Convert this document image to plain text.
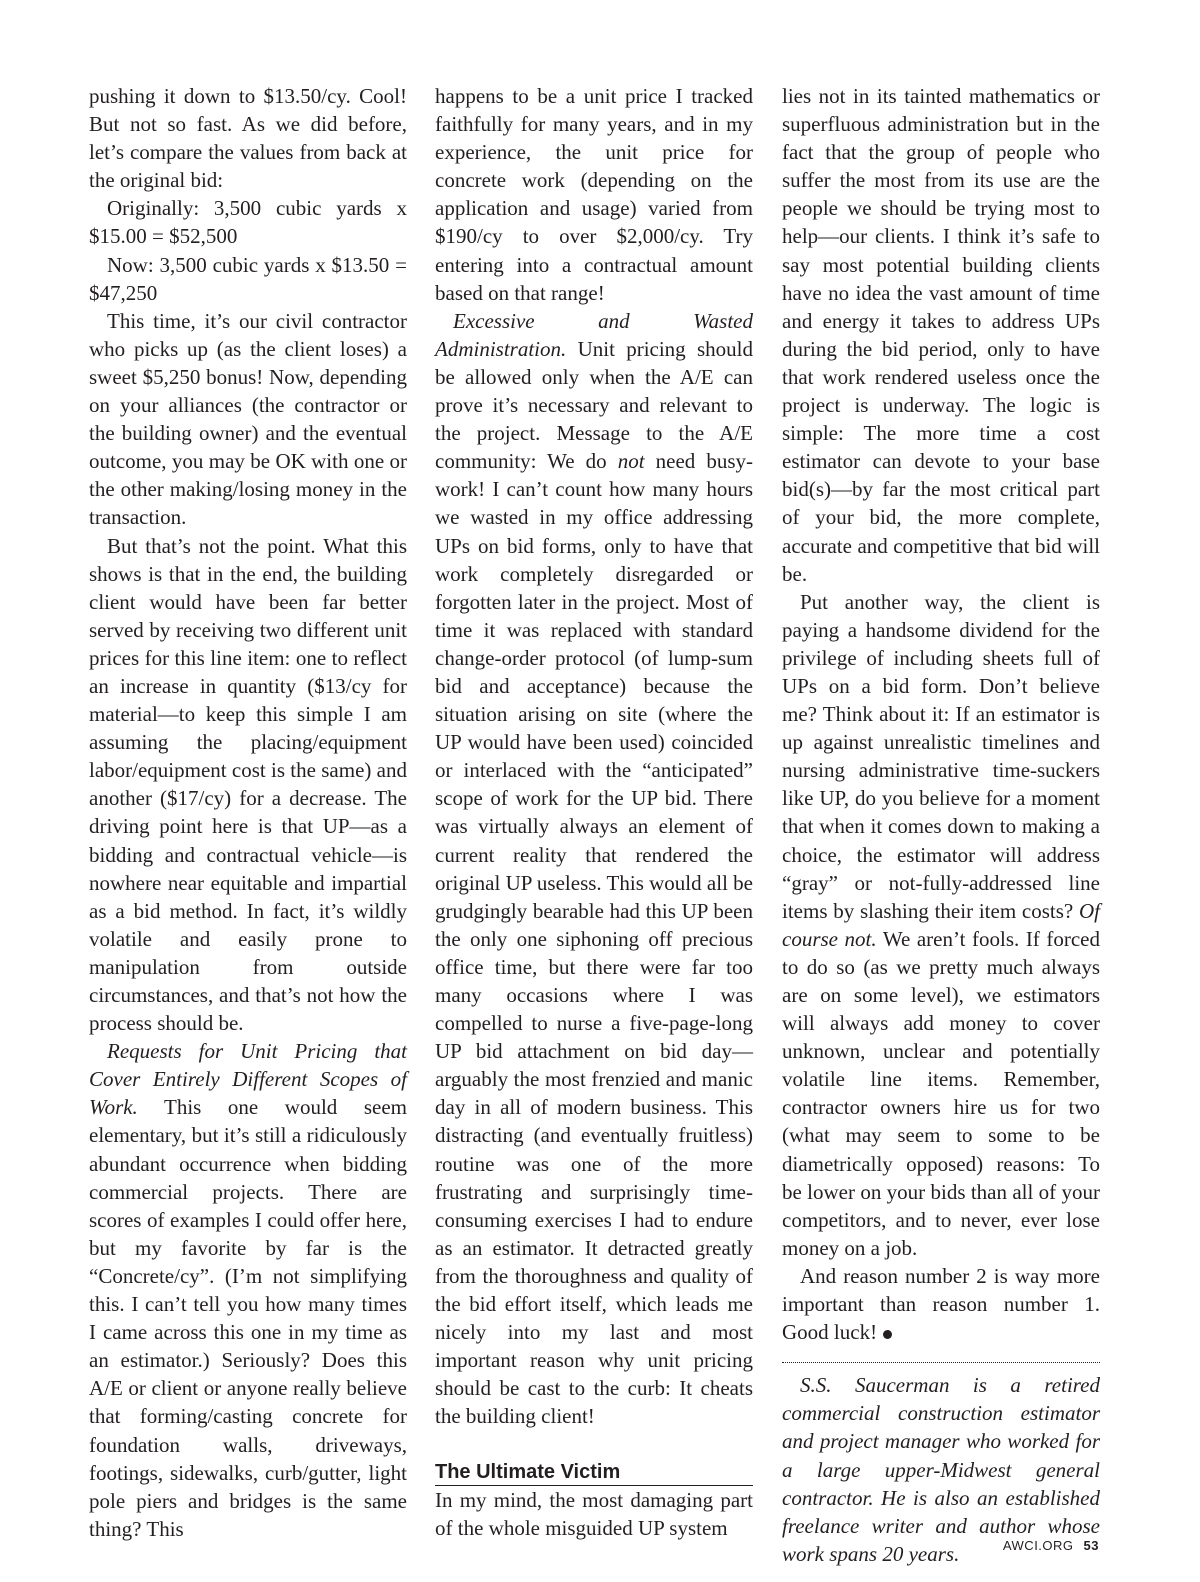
pushing it down to $13.50/cy. Cool! But not so fast. As we did before, let’s compare the values from back at the original bid:

Originally: 3,500 cubic yards x $15.00 = $52,500

Now: 3,500 cubic yards x $13.50 = $47,250

This time, it’s our civil contractor who picks up (as the client loses) a sweet $5,250 bonus! Now, depending on your alliances (the contractor or the building owner) and the eventual outcome, you may be OK with one or the other making/losing money in the transaction.

But that’s not the point. What this shows is that in the end, the building client would have been far better served by receiving two different unit prices for this line item: one to reflect an increase in quantity ($13/cy for material—to keep this simple I am assuming the placing/equipment labor/equipment cost is the same) and another ($17/cy) for a decrease. The driving point here is that UP—as a bidding and contractual vehicle—is nowhere near equitable and impartial as a bid method. In fact, it’s wildly volatile and easily prone to manipulation from outside circumstances, and that’s not how the process should be.

Requests for Unit Pricing that Cover Entirely Different Scopes of Work. This one would seem elementary, but it’s still a ridiculously abundant occurrence when bidding commercial projects. There are scores of examples I could offer here, but my favorite by far is the “Concrete/cy”. (I’m not simplifying this. I can’t tell you how many times I came across this one in my time as an estimator.) Seriously? Does this A/E or client or anyone really believe that forming/casting concrete for foundation walls, driveways, footings, sidewalks, curb/gutter, light pole piers and bridges is the same thing? This

happens to be a unit price I tracked faithfully for many years, and in my experience, the unit price for concrete work (depending on the application and usage) varied from $190/cy to over $2,000/cy. Try entering into a contractual amount based on that range!

Excessive and Wasted Administration. Unit pricing should be allowed only when the A/E can prove it’s necessary and relevant to the project. Message to the A/E community: We do not need busy-work! I can’t count how many hours we wasted in my office addressing UPs on bid forms, only to have that work completely disregarded or forgotten later in the project. Most of time it was replaced with standard change-order protocol (of lump-sum bid and acceptance) because the situation arising on site (where the UP would have been used) coincided or interlaced with the “anticipated” scope of work for the UP bid. There was virtually always an element of current reality that rendered the original UP useless. This would all be grudgingly bearable had this UP been the only one siphoning off precious office time, but there were far too many occasions where I was compelled to nurse a five-page-long UP bid attachment on bid day—arguably the most frenzied and manic day in all of modern business. This distracting (and eventually fruitless) routine was one of the more frustrating and surprisingly time-consuming exercises I had to endure as an estimator. It detracted greatly from the thoroughness and quality of the bid effort itself, which leads me nicely into my last and most important reason why unit pricing should be cast to the curb: It cheats the building client!

The Ultimate Victim

In my mind, the most damaging part of the whole misguided UP system

lies not in its tainted mathematics or superfluous administration but in the fact that the group of people who suffer the most from its use are the people we should be trying most to help—our clients. I think it’s safe to say most potential building clients have no idea the vast amount of time and energy it takes to address UPs during the bid period, only to have that work rendered useless once the project is underway. The logic is simple: The more time a cost estimator can devote to your base bid(s)—by far the most critical part of your bid, the more complete, accurate and competitive that bid will be.

Put another way, the client is paying a handsome dividend for the privilege of including sheets full of UPs on a bid form. Don’t believe me? Think about it: If an estimator is up against unrealistic timelines and nursing administrative time-suckers like UP, do you believe for a moment that when it comes down to making a choice, the estimator will address “gray” or not-fully-addressed line items by slashing their item costs? Of course not. We aren’t fools. If forced to do so (as we pretty much always are on some level), we estimators will always add money to cover unknown, unclear and potentially volatile line items. Remember, contractor owners hire us for two (what may seem to some to be diametrically opposed) reasons: To be lower on your bids than all of your competitors, and to never, ever lose money on a job.

And reason number 2 is way more important than reason number 1. Good luck!

S.S. Saucerman is a retired commercial construction estimator and project manager who worked for a large upper-Midwest general contractor. He is also an established freelance writer and author whose work spans 20 years.	AWCI.ORG 53
